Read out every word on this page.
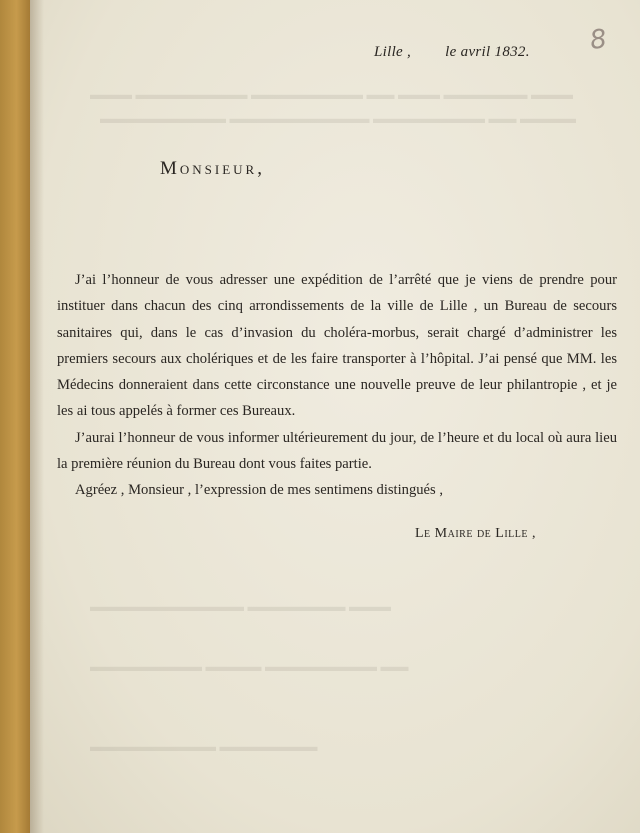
▬▬▬ ▬▬▬▬▬▬ ▬▬▬ ▬▬ ▬▬▬▬▬▬▬▬ ▬▬▬▬▬▬▬▬ ▬▬▬
▬▬▬▬ ▬▬ ▬▬▬▬▬▬▬▬ ▬▬▬▬▬▬▬▬▬▬ ▬▬▬▬▬▬▬▬▬
▬▬▬ ▬▬▬▬▬▬▬ ▬▬▬▬▬▬▬▬▬▬▬
▬▬ ▬▬▬▬▬▬▬▬ ▬▬▬▬ ▬▬▬▬▬▬▬▬
▬▬▬▬▬▬▬ ▬▬▬▬▬▬▬▬▬
8
Lille , le avril 1832.
Monsieur,

J’ai l’honneur de vous adresser une expédition de l’arrêté que je viens de prendre pour instituer dans chacun des cinq arrondissements de la ville de Lille , un Bureau de secours sanitaires qui, dans le cas d’invasion du choléra-morbus, serait chargé d’administrer les premiers secours aux cholériques et de les faire transporter à l’hôpital. J’ai pensé que MM. les Médecins donneraient dans cette circonstance une nouvelle preuve de leur philantropie , et je les ai tous appelés à former ces Bureaux.

J’aurai l’honneur de vous informer ultérieurement du jour, de l’heure et du local où aura lieu la première réunion du Bureau dont vous faites partie.

Agréez , Monsieur , l’expression de mes sentimens distingués ,

Le Maire de Lille ,
